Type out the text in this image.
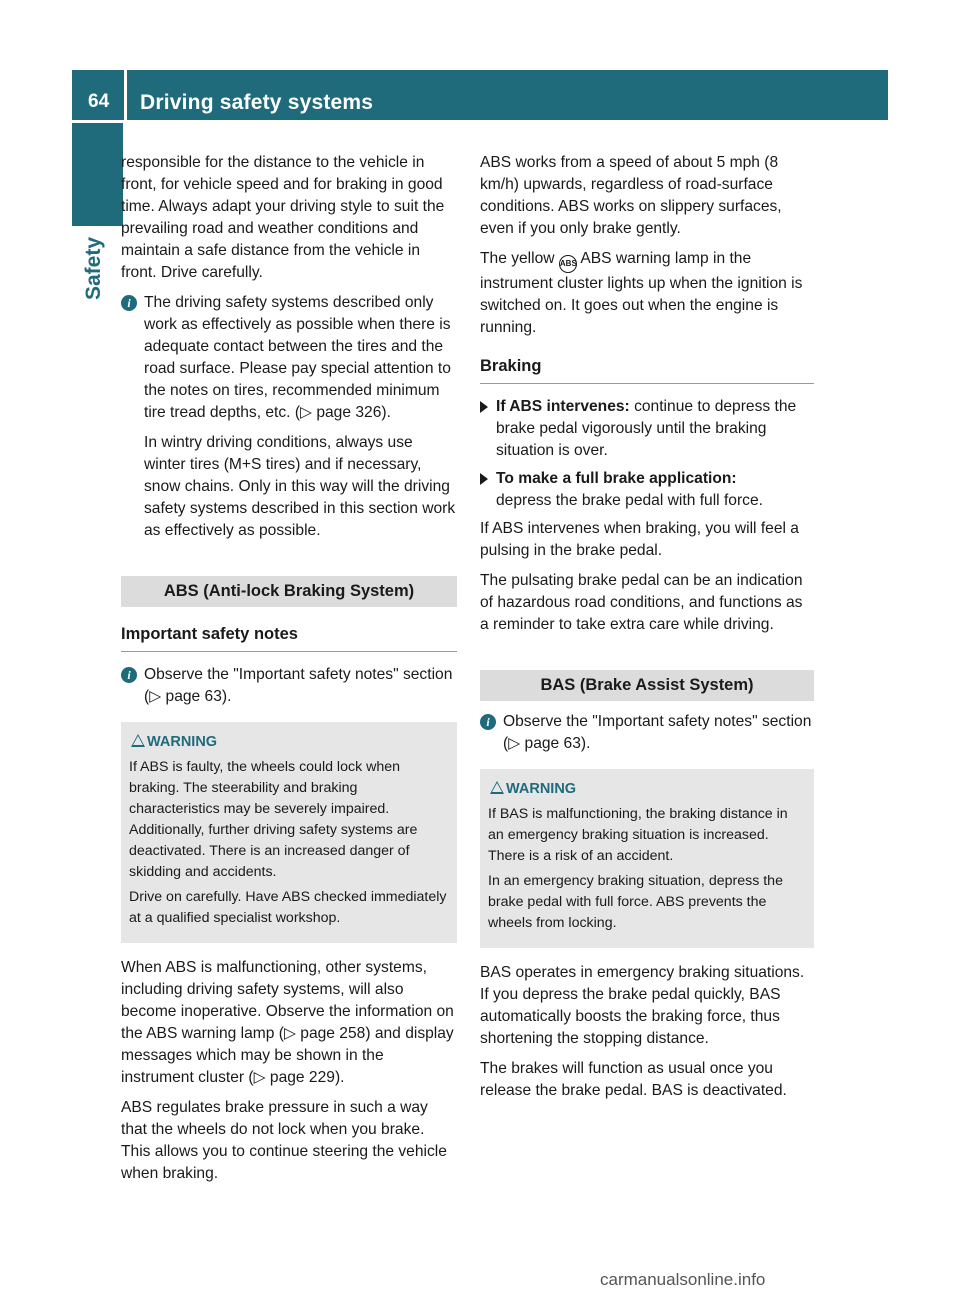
64 Driving safety systems
Safety

responsible for the distance to the vehicle in front, for vehicle speed and for braking in good time. Always adapt your driving style to suit the prevailing road and weather conditions and maintain a safe distance from the vehicle in front. Drive carefully.

i The driving safety systems described only work as effectively as possible when there is adequate contact between the tires and the road surface. Please pay special attention to the notes on tires, recommended minimum tire tread depths, etc. (▷ page 326).

In wintry driving conditions, always use winter tires (M+S tires) and if necessary, snow chains. Only in this way will the driving safety systems described in this section work as effectively as possible.

ABS (Anti-lock Braking System)
Important safety notes
i Observe the "Important safety notes" section (▷ page 63).

WARNING

If ABS is faulty, the wheels could lock when braking. The steerability and braking characteristics may be severely impaired. Additionally, further driving safety systems are deactivated. There is an increased danger of skidding and accidents.

Drive on carefully. Have ABS checked immediately at a qualified specialist workshop.

When ABS is malfunctioning, other systems, including driving safety systems, will also become inoperative. Observe the information on the ABS warning lamp (▷ page 258) and display messages which may be shown in the instrument cluster (▷ page 229).

ABS regulates brake pressure in such a way that the wheels do not lock when you brake. This allows you to continue steering the vehicle when braking.

ABS works from a speed of about 5 mph (8 km/h) upwards, regardless of road-surface conditions. ABS works on slippery surfaces, even if you only brake gently.

The yellow ABS ABS warning lamp in the instrument cluster lights up when the ignition is switched on. It goes out when the engine is running.

Braking
If ABS intervenes: continue to depress the brake pedal vigorously until the braking situation is over.
To make a full brake application:
depress the brake pedal with full force.

If ABS intervenes when braking, you will feel a pulsing in the brake pedal.

The pulsating brake pedal can be an indication of hazardous road conditions, and functions as a reminder to take extra care while driving.

BAS (Brake Assist System)
i Observe the "Important safety notes" section (▷ page 63).

WARNING

If BAS is malfunctioning, the braking distance in an emergency braking situation is increased. There is a risk of an accident.

In an emergency braking situation, depress the brake pedal with full force. ABS prevents the wheels from locking.

BAS operates in emergency braking situations. If you depress the brake pedal quickly, BAS automatically boosts the braking force, thus shortening the stopping distance.

The brakes will function as usual once you release the brake pedal. BAS is deactivated.

carmanualsonline.info
